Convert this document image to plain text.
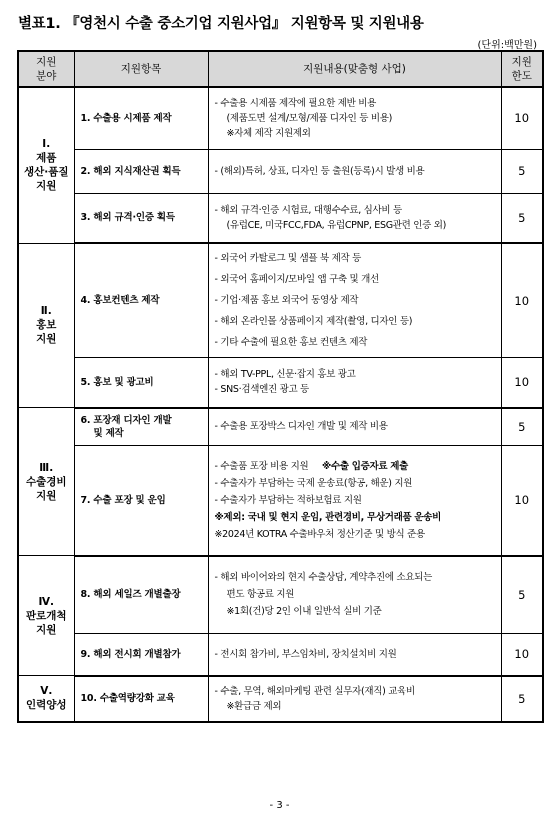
별표1. 『영천시 수출 중소기업 지원사업』 지원항목 및 지원내용
(단위:백만원)
지원
분야	지원항목	지원내용(맞춤형 사업)	지원
한도

Ⅰ.
제품
생산·품질
지원	1. 수출용 시제품 제작	- 수출용 시제품 제작에 필요한 제반 비용
(제품도면 설계/모형/제품 디자인 등 비용)
※자체 제작 지원제외	10

	2. 해외 지식재산권 획득	- (해외)특허, 상표, 디자인 등 출원(등록)시 발생 비용	5

	3. 해외 규격·인증 획득	- 해외 규격·인증 시험료, 대행수수료, 심사비 등
(유럽CE, 미국FCC,FDA, 유럽CPNP, ESG관련 인증 외)	5

Ⅱ.
홍보
지원	4. 홍보컨텐츠 제작	- 외국어 카탈로그 및 샘플 북 제작 등
- 외국어 홈페이지/모바일 앱 구축 및 개선
- 기업·제품 홍보 외국어 동영상 제작
- 해외 온라인몰 상품페이지 제작(촬영, 디자인 등)
- 기타 수출에 필요한 홍보 컨텐츠 제작	10

	5. 홍보 및 광고비	- 해외 TV-PPL, 신문·잡지 홍보 광고
- SNS·검색엔진 광고 등	10

Ⅲ.
수출경비
지원	6. 포장재 디자인 개발
및 제작	- 수출용 포장박스 디자인 개발 및 제작 비용	5

	7. 수출 포장 및 운임	- 수출품 포장 비용 지원 ※수출 입증자료 제출
- 수출자가 부담하는 국제 운송료(항공, 해운) 지원
- 수출자가 부담하는 적하보험료 지원
※제외: 국내 및 현지 운임, 관련경비, 무상거래품 운송비
※2024년 KOTRA 수출바우처 정산기준 및 방식 준용	10

Ⅳ.
판로개척
지원	8. 해외 세일즈 개별출장	- 해외 바이어와의 현지 수출상담, 계약추진에 소요되는
편도 항공료 지원
※1회(건)당 2인 이내 일반석 실비 기준	5

	9. 해외 전시회 개별참가	- 전시회 참가비, 부스임차비, 장치설치비 지원	10

Ⅴ.
인력양성	10. 수출역량강화 교육	- 수출, 무역, 해외마케팅 관련 실무자(재직) 교육비
※환급금 제외	5
- 3 -
